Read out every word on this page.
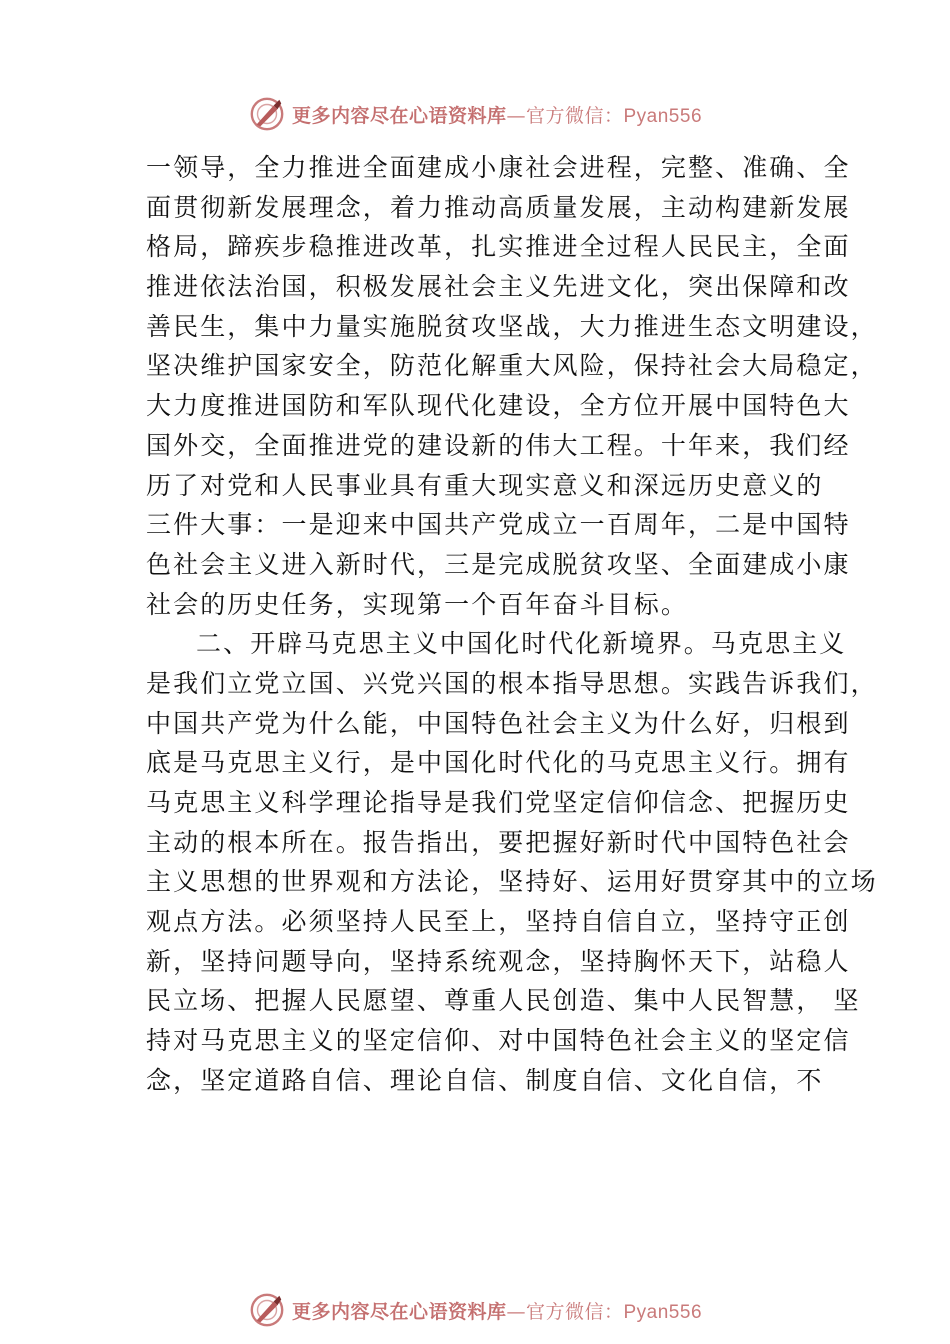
更多内容尽在心语资料库—官方微信：Pyan556
一领导，全力推进全面建成小康社会进程，完整、准确、全
面贯彻新发展理念，着力推动高质量发展，主动构建新发展
格局，蹄疾步稳推进改革，扎实推进全过程人民民主，全面
推进依法治国，积极发展社会主义先进文化，突出保障和改
善民生，集中力量实施脱贫攻坚战，大力推进生态文明建设，
坚决维护国家安全，防范化解重大风险，保持社会大局稳定，
大力度推进国防和军队现代化建设，全方位开展中国特色大
国外交，全面推进党的建设新的伟大工程。十年来，我们经
历了对党和人民事业具有重大现实意义和深远历史意义的
三件大事：一是迎来中国共产党成立一百周年，二是中国特
色社会主义进入新时代，三是完成脱贫攻坚、全面建成小康
社会的历史任务，实现第一个百年奋斗目标。
二、开辟马克思主义中国化时代化新境界。马克思主义
是我们立党立国、兴党兴国的根本指导思想。实践告诉我们，
中国共产党为什么能，中国特色社会主义为什么好，归根到
底是马克思主义行，是中国化时代化的马克思主义行。拥有
马克思主义科学理论指导是我们党坚定信仰信念、把握历史
主动的根本所在。报告指出，要把握好新时代中国特色社会
主义思想的世界观和方法论，坚持好、运用好贯穿其中的立场
观点方法。必须坚持人民至上，坚持自信自立，坚持守正创
新，坚持问题导向，坚持系统观念，坚持胸怀天下，站稳人
民立场、把握人民愿望、尊重人民创造、集中人民智慧， 坚
持对马克思主义的坚定信仰、对中国特色社会主义的坚定信
念，坚定道路自信、理论自信、制度自信、文化自信，不
更多内容尽在心语资料库—官方微信：Pyan556
